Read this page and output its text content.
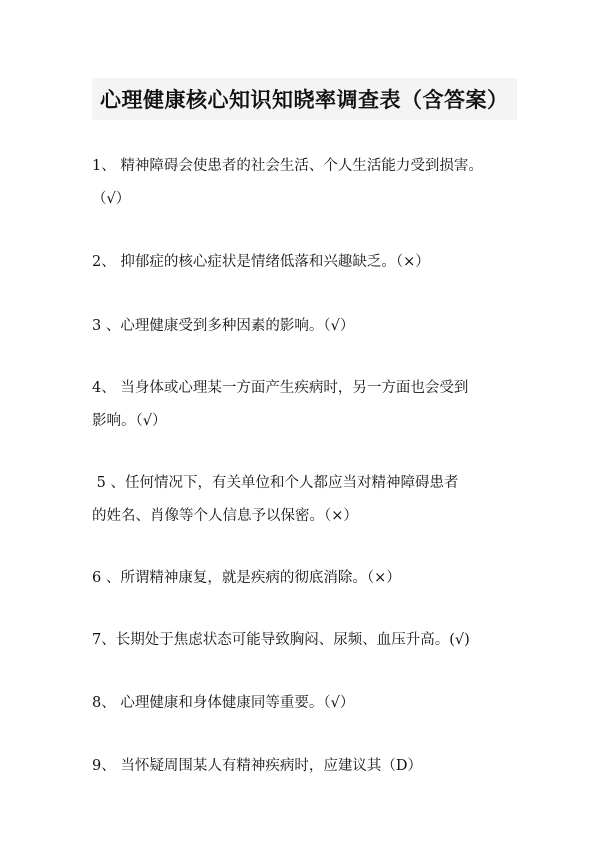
心理健康核心知识知晓率调查表（含答案）
1、 精神障碍会使患者的社会生活、个人生活能力受到损害。
（√）
2、 抑郁症的核心症状是情绪低落和兴趣缺乏。（×）
3 、心理健康受到多种因素的影响。（√）
4、 当身体或心理某一方面产生疾病时，另一方面也会受到
影响。（√）
5 、任何情况下，有关单位和个人都应当对精神障碍患者
的姓名、肖像等个人信息予以保密。（×）
6 、所谓精神康复，就是疾病的彻底消除。（×）
7、长期处于焦虑状态可能导致胸闷、尿频、血压升高。(√)
8、 心理健康和身体健康同等重要。（√）
9、 当怀疑周围某人有精神疾病时，应建议其（D）
